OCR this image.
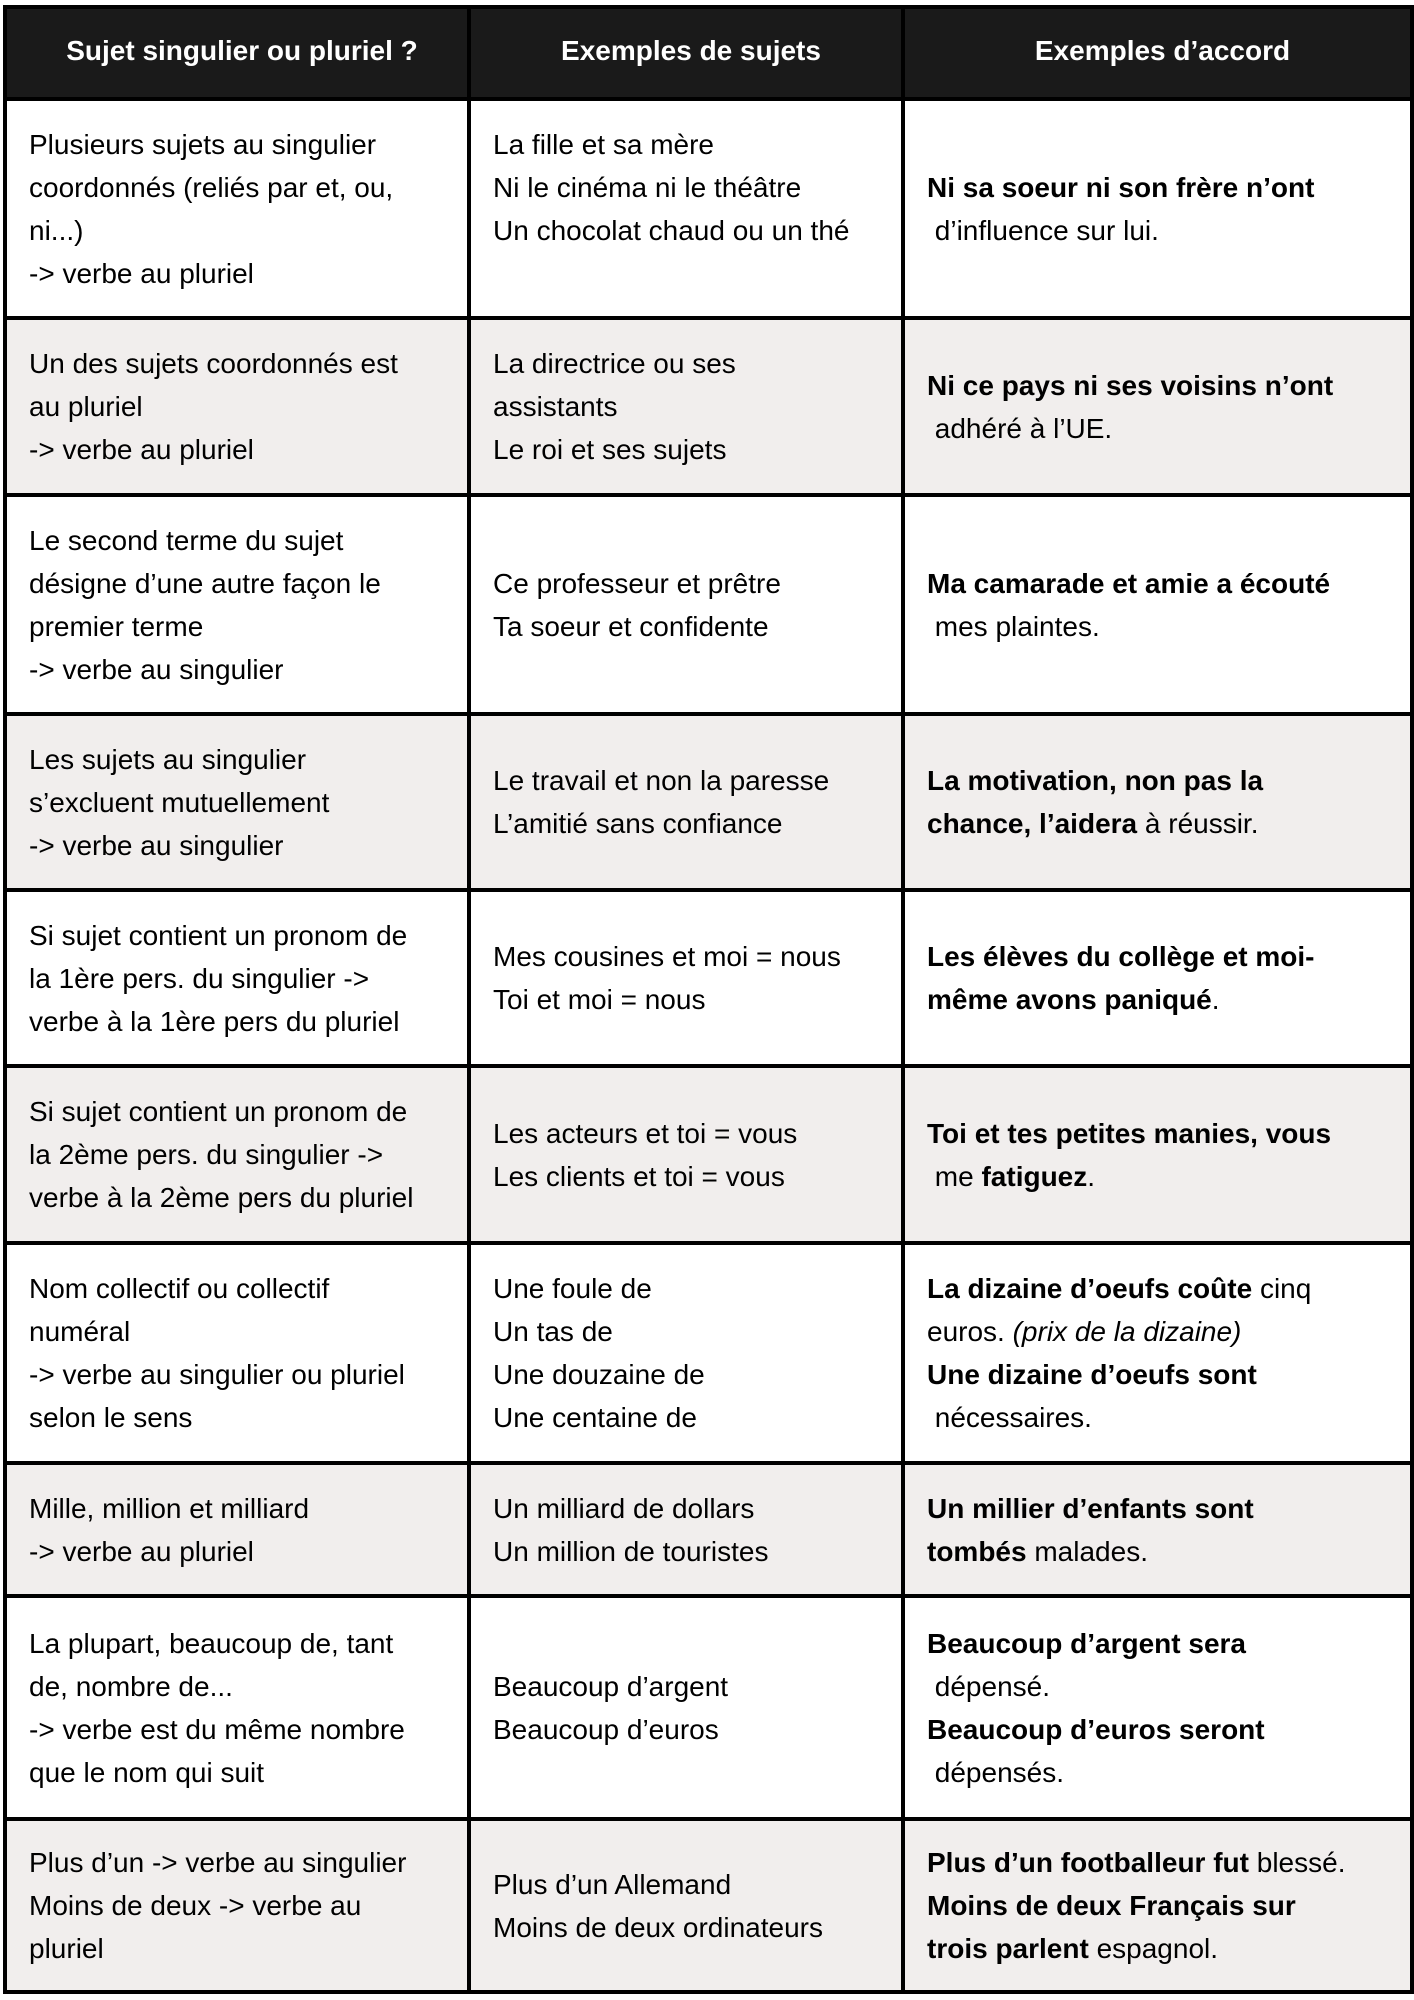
Sujet singulier ou pluriel ?	Exemples de sujets	Exemples d’accord

Plusieurs sujets au singulier
coordonnés (reliés par et, ou,
ni...)
-> verbe au pluriel	La fille et sa mère
Ni le cinéma ni le théâtre
Un chocolat chaud ou un thé	Ni sa soeur ni son frère n’ont
d’influence sur lui.

Un des sujets coordonnés est
au pluriel
-> verbe au pluriel	La directrice ou ses
assistants
Le roi et ses sujets	Ni ce pays ni ses voisins n’ont
adhéré à l’UE.

Le second terme du sujet
désigne d’une autre façon le
premier terme
-> verbe au singulier	Ce professeur et prêtre
Ta soeur et confidente	Ma camarade et amie a écouté
mes plaintes.

Les sujets au singulier
s’excluent mutuellement
-> verbe au singulier	Le travail et non la paresse
L’amitié sans confiance	La motivation, non pas la
chance, l’aidera à réussir.

Si sujet contient un pronom de
la 1ère pers. du singulier ->
verbe à la 1ère pers du pluriel	Mes cousines et moi = nous
Toi et moi = nous	Les élèves du collège et moi-
même avons paniqué.

Si sujet contient un pronom de
la 2ème pers. du singulier ->
verbe à la 2ème pers du pluriel	Les acteurs et toi = vous
Les clients et toi = vous	Toi et tes petites manies, vous
me fatiguez.

Nom collectif ou collectif
numéral
-> verbe au singulier ou pluriel
selon le sens	Une foule de
Un tas de
Une douzaine de
Une centaine de	La dizaine d’oeufs coûte cinq
euros. (prix de la dizaine)
Une dizaine d’oeufs sont
nécessaires.

Mille, million et milliard
-> verbe au pluriel	Un milliard de dollars
Un million de touristes	Un millier d’enfants sont
tombés malades.

La plupart, beaucoup de, tant
de, nombre de...
-> verbe est du même nombre
que le nom qui suit	Beaucoup d’argent
Beaucoup d’euros	Beaucoup d’argent sera
dépensé.
Beaucoup d’euros seront
dépensés.

Plus d’un -> verbe au singulier
Moins de deux -> verbe au
pluriel	Plus d’un Allemand
Moins de deux ordinateurs	Plus d’un footballeur fut blessé.
Moins de deux Français sur
trois parlent espagnol.
